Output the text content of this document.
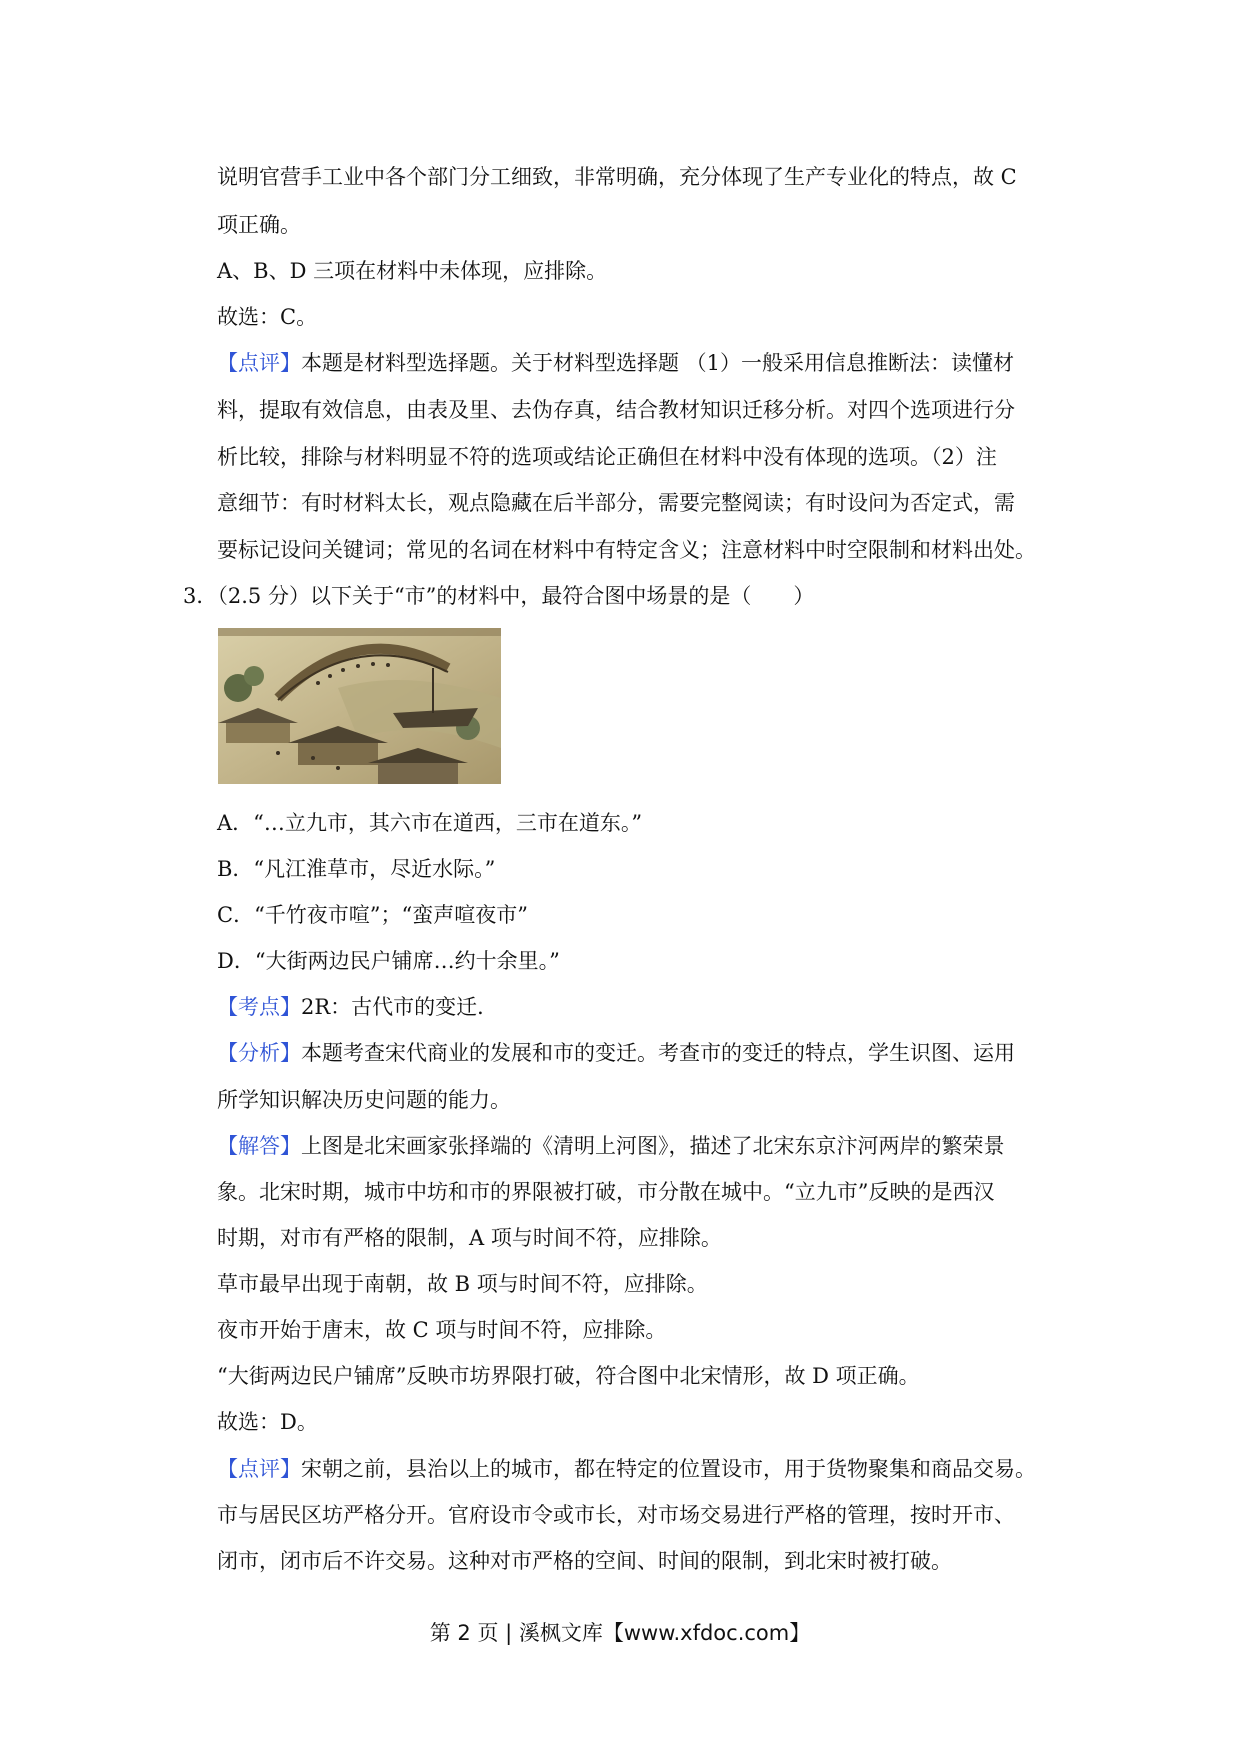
说明官营手工业中各个部门分工细致，非常明确，充分体现了生产专业化的特点，故 C
项正确。
A、B、D 三项在材料中未体现，应排除。
故选：C。
【点评】本题是材料型选择题。关于材料型选择题 （1）一般采用信息推断法：读懂材
料，提取有效信息，由表及里、去伪存真，结合教材知识迁移分析。对四个选项进行分
析比较，排除与材料明显不符的选项或结论正确但在材料中没有体现的选项。（2）注
意细节：有时材料太长，观点隐藏在后半部分，需要完整阅读；有时设问为否定式，需
要标记设问关键词；常见的名词在材料中有特定含义；注意材料中时空限制和材料出处。
3．（2.5 分）以下关于“市”的材料中，最符合图中场景的是（　　）
A．“…立九市，其六市在道西，三市在道东。”
B．“凡江淮草市，尽近水际。”
C．“千竹夜市喧”；“蛮声喧夜市”
D．“大街两边民户铺席…约十余里。”
【考点】2R：古代市的变迁．
【分析】本题考查宋代商业的发展和市的变迁。考查市的变迁的特点，学生识图、运用
所学知识解决历史问题的能力。
【解答】上图是北宋画家张择端的《清明上河图》，描述了北宋东京汴河两岸的繁荣景
象。北宋时期，城市中坊和市的界限被打破，市分散在城中。“立九市”反映的是西汉
时期，对市有严格的限制，A 项与时间不符，应排除。
草市最早出现于南朝，故 B 项与时间不符，应排除。
夜市开始于唐末，故 C 项与时间不符，应排除。
“大街两边民户铺席”反映市坊界限打破，符合图中北宋情形，故 D 项正确。
故选：D。
【点评】宋朝之前，县治以上的城市，都在特定的位置设市，用于货物聚集和商品交易。
市与居民区坊严格分开。官府设市令或市长，对市场交易进行严格的管理，按时开市、
闭市，闭市后不许交易。这种对市严格的空间、时间的限制，到北宋时被打破。
第 2 页 | 溪枫文库【www.xfdoc.com】
